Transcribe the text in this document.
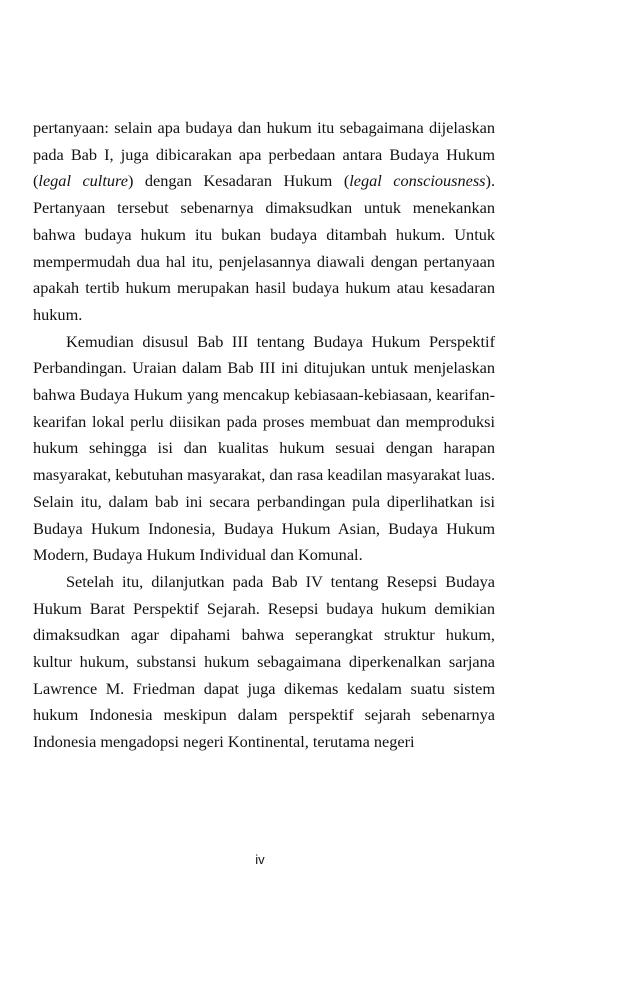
pertanyaan: selain apa budaya dan hukum itu sebagaimana dijelaskan pada Bab I, juga dibicarakan apa perbedaan antara Budaya Hukum (legal culture) dengan Kesadaran Hukum (legal consciousness). Pertanyaan tersebut sebenarnya dimaksudkan untuk menekankan bahwa budaya hukum itu bukan budaya ditambah hukum. Untuk mempermudah dua hal itu, penjelasannya diawali dengan pertanyaan apakah tertib hukum merupakan hasil budaya hukum atau kesadaran hukum.

Kemudian disusul Bab III tentang Budaya Hukum Perspektif Perbandingan. Uraian dalam Bab III ini ditujukan untuk menjelaskan bahwa Budaya Hukum yang mencakup kebiasaan-kebiasaan, kearifan-kearifan lokal perlu diisikan pada proses membuat dan memproduksi hukum sehingga isi dan kualitas hukum sesuai dengan harapan masyarakat, kebutuhan masyarakat, dan rasa keadilan masyarakat luas. Selain itu, dalam bab ini secara perbandingan pula diperlihatkan isi Budaya Hukum Indonesia, Budaya Hukum Asian, Budaya Hukum Modern, Budaya Hukum Individual dan Komunal.

Setelah itu, dilanjutkan pada Bab IV tentang Resepsi Budaya Hukum Barat Perspektif Sejarah. Resepsi budaya hukum demikian dimaksudkan agar dipahami bahwa seperangkat struktur hukum, kultur hukum, substansi hukum sebagaimana diperkenalkan sarjana Lawrence M. Friedman dapat juga dikemas kedalam suatu sistem hukum Indonesia meskipun dalam perspektif sejarah sebenarnya Indonesia mengadopsi negeri Kontinental, terutama negeri

iv
